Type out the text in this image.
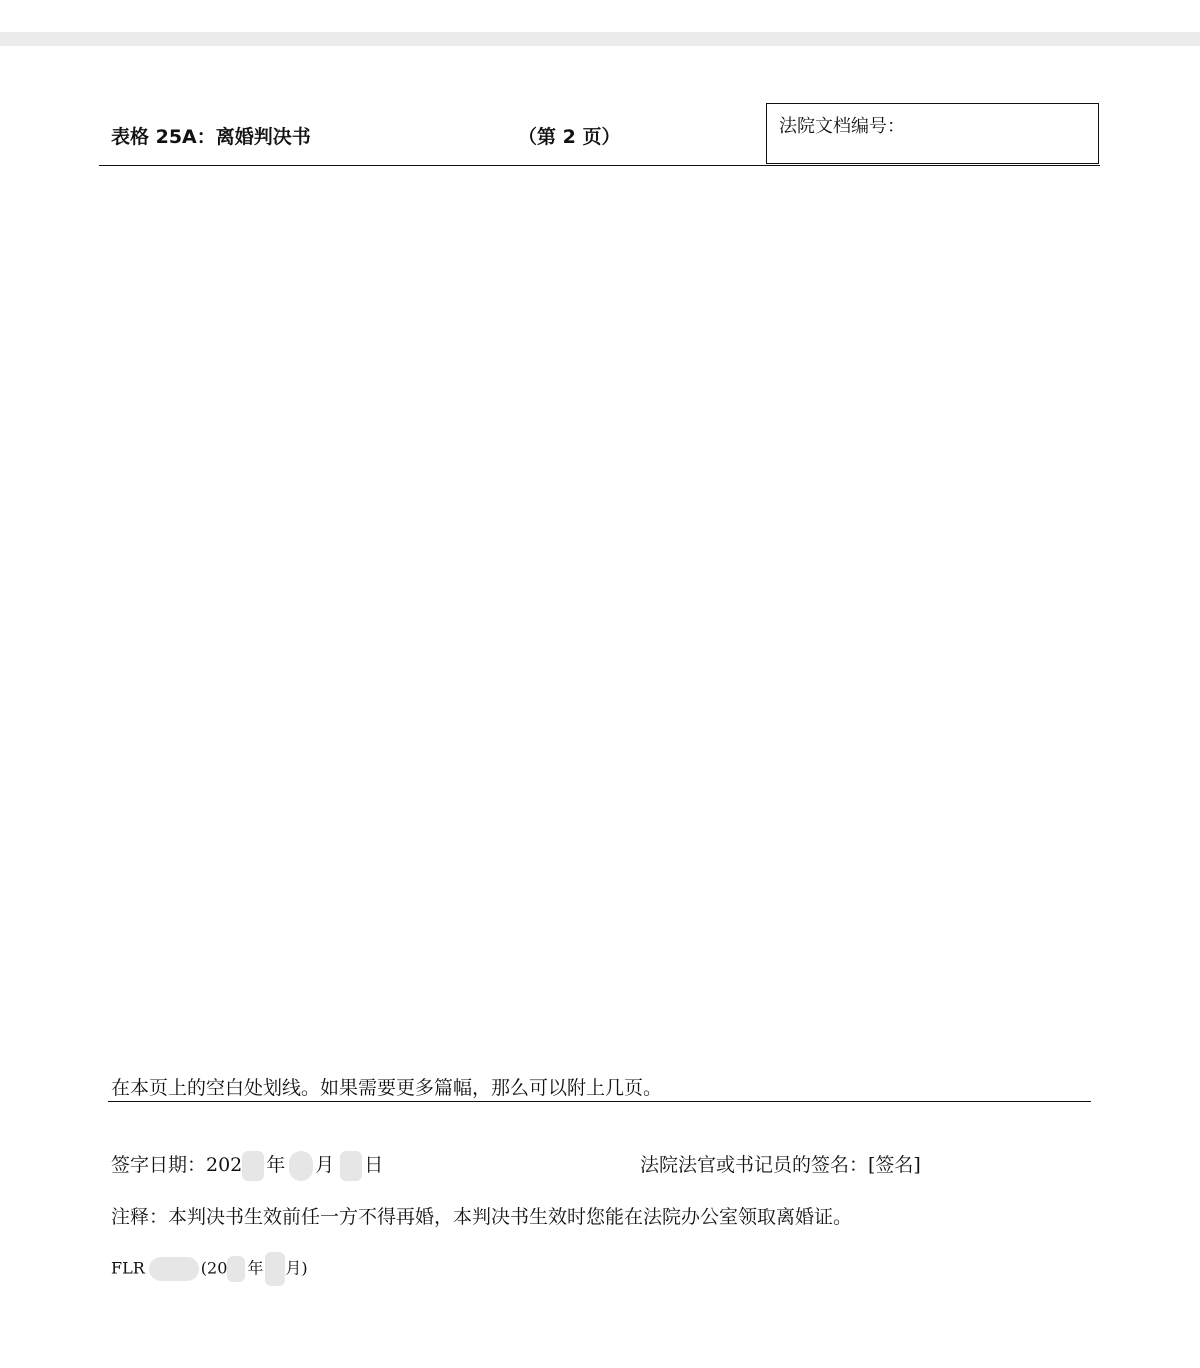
表格 25A：离婚判决书	（第 2 页）	法院文档编号：
在本页上的空白处划线。如果需要更多篇幅，那么可以附上几页。
签字日期：202 年 月 日	法院法官或书记员的签名：[签名]
注释：本判决书生效前任一方不得再婚，本判决书生效时您能在法院办公室领取离婚证。
FLR	(20 年 月)
